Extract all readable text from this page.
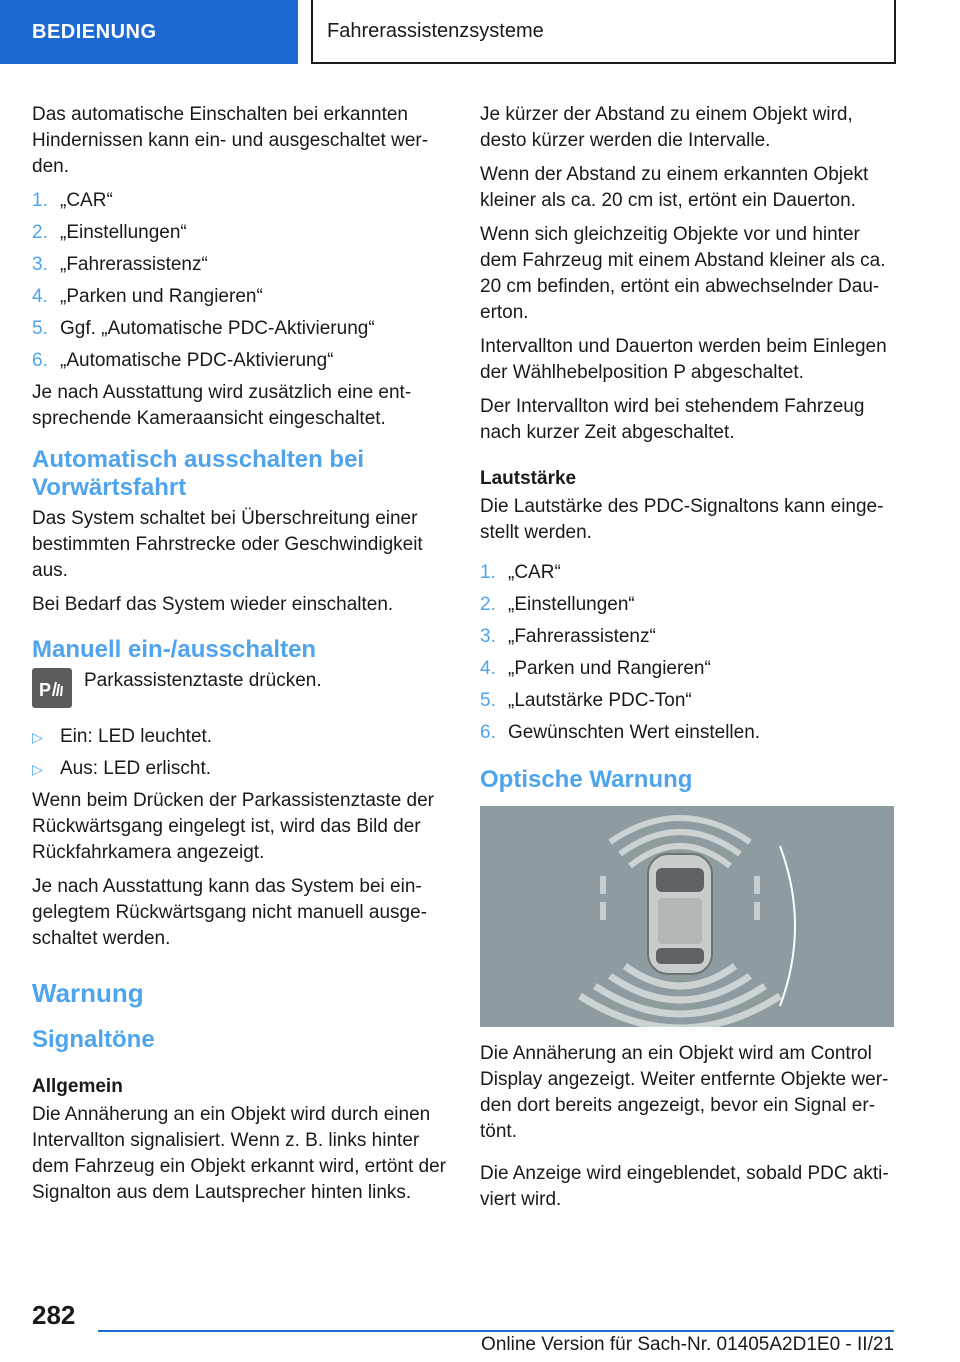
BEDIENUNG	Fahrerassistenzsysteme

Das automatische Einschalten bei erkannten Hindernissen kann ein- und ausgeschaltet werden.

1. „CAR“
2. „Einstellungen“
3. „Fahrerassistenz“
4. „Parken und Rangieren“
5. Ggf. „Automatische PDC-Aktivierung“
6. „Automatische PDC-Aktivierung“

Je nach Ausstattung wird zusätzlich eine entsprechende Kameraansicht eingeschaltet.

Automatisch ausschalten bei Vorwärtsfahrt

Das System schaltet bei Überschreitung einer bestimmten Fahrstrecke oder Geschwindigkeit aus.

Bei Bedarf das System wieder einschalten.

Manuell ein-/ausschalten
P Parkassistenztaste drücken.
▷ Ein: LED leuchtet.
▷ Aus: LED erlischt.

Wenn beim Drücken der Parkassistenztaste der Rückwärtsgang eingelegt ist, wird das Bild der Rückfahrkamera angezeigt.

Je nach Ausstattung kann das System bei eingelegtem Rückwärtsgang nicht manuell ausgeschaltet werden.

Warnung
Signaltöne
Allgemein

Die Annäherung an ein Objekt wird durch einen Intervallton signalisiert. Wenn z. B. links hinter dem Fahrzeug ein Objekt erkannt wird, ertönt der Signalton aus dem Lautsprecher hinten links.

Je kürzer der Abstand zu einem Objekt wird, desto kürzer werden die Intervalle.

Wenn der Abstand zu einem erkannten Objekt kleiner als ca. 20 cm ist, ertönt ein Dauerton.

Wenn sich gleichzeitig Objekte vor und hinter dem Fahrzeug mit einem Abstand kleiner als ca. 20 cm befinden, ertönt ein abwechselnder Dauerton.

Intervallton und Dauerton werden beim Einlegen der Wählhebelposition P abgeschaltet.

Der Intervallton wird bei stehendem Fahrzeug nach kurzer Zeit abgeschaltet.

Lautstärke

Die Lautstärke des PDC-Signaltons kann eingestellt werden.

1. „CAR“
2. „Einstellungen“
3. „Fahrerassistenz“
4. „Parken und Rangieren“
5. „Lautstärke PDC-Ton“
6. Gewünschten Wert einstellen.
Optische Warnung

Die Annäherung an ein Objekt wird am Control Display angezeigt. Weiter entfernte Objekte werden dort bereits angezeigt, bevor ein Signal ertönt.

Die Anzeige wird eingeblendet, sobald PDC aktiviert wird.

282
Online Version für Sach-Nr. 01405A2D1E0 - II/21
